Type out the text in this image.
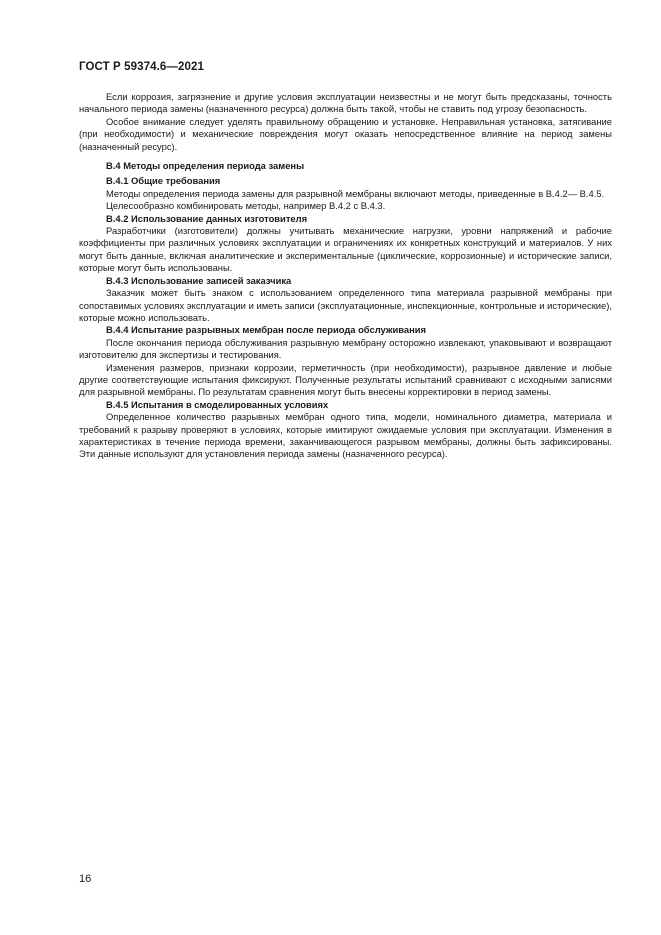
ГОСТ Р 59374.6—2021

Если коррозия, загрязнение и другие условия эксплуатации неизвестны и не могут быть предсказаны, точность начального периода замены (назначенного ресурса) должна быть такой, чтобы не ставить под угрозу безопасность.

Особое внимание следует уделять правильному обращению и установке. Неправильная установка, затягивание (при необходимости) и механические повреждения могут оказать непосредственное влияние на период замены (назначенный ресурс).

В.4 Методы определения периода замены

В.4.1 Общие требования

Методы определения периода замены для разрывной мембраны включают методы, приведенные в В.4.2— В.4.5.

Целесообразно комбинировать методы, например В.4.2 с В.4.3.

В.4.2 Использование данных изготовителя

Разработчики (изготовители) должны учитывать механические нагрузки, уровни напряжений и рабочие коэффициенты при различных условиях эксплуатации и ограничениях их конкретных конструкций и материалов. У них могут быть данные, включая аналитические и экспериментальные (циклические, коррозионные) и исторические записи, которые могут быть использованы.

В.4.3 Использование записей заказчика

Заказчик может быть знаком с использованием определенного типа материала разрывной мембраны при сопоставимых условиях эксплуатации и иметь записи (эксплуатационные, инспекционные, контрольные и исторические), которые можно использовать.

В.4.4 Испытание разрывных мембран после периода обслуживания

После окончания периода обслуживания разрывную мембрану осторожно извлекают, упаковывают и возвращают изготовителю для экспертизы и тестирования.

Изменения размеров, признаки коррозии, герметичность (при необходимости), разрывное давление и любые другие соответствующие испытания фиксируют. Полученные результаты испытаний сравнивают с исходными записями для разрывной мембраны. По результатам сравнения могут быть внесены корректировки в период замены.

В.4.5 Испытания в смоделированных условиях

Определенное количество разрывных мембран одного типа, модели, номинального диаметра, материала и требований к разрыву проверяют в условиях, которые имитируют ожидаемые условия при эксплуатации. Изменения в характеристиках в течение периода времени, заканчивающегося разрывом мембраны, должны быть зафиксированы. Эти данные используют для установления периода замены (назначенного ресурса).

16
